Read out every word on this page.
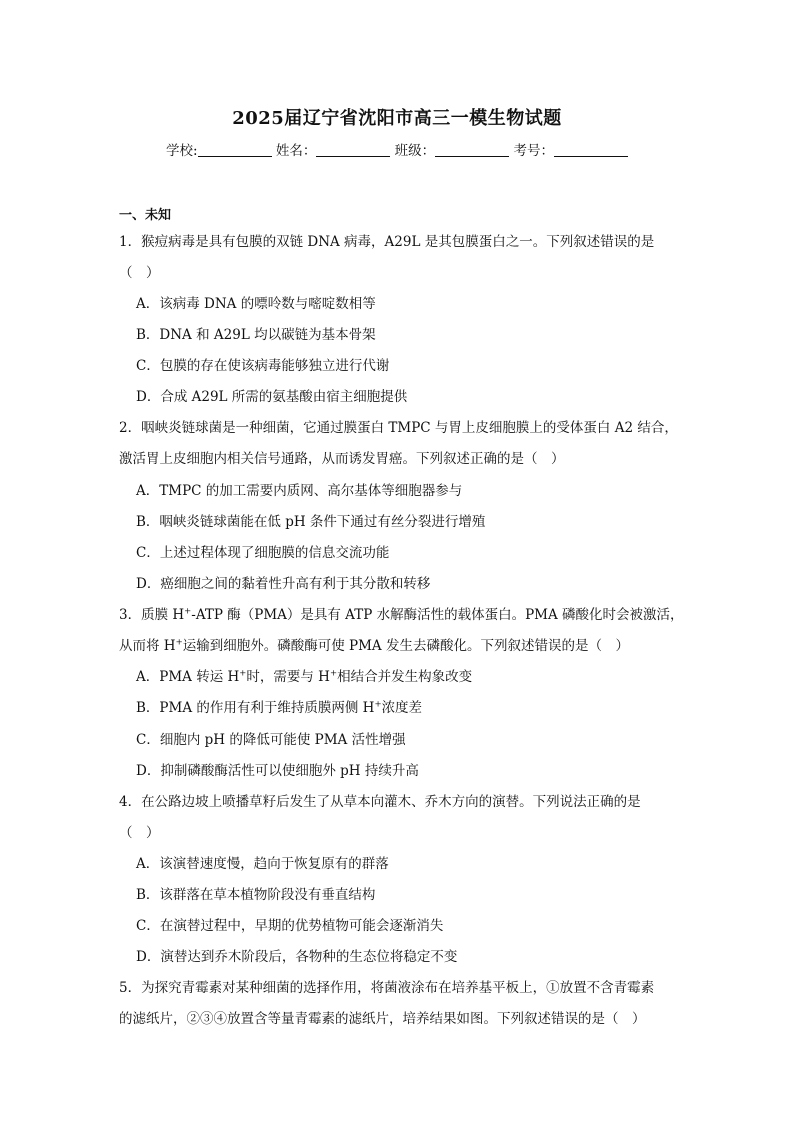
2025届辽宁省沈阳市高三一模生物试题
学校:	姓名：	班级：	考号：
一、未知
1．猴痘病毒是具有包膜的双链 DNA 病毒，A29L 是其包膜蛋白之一。下列叙述错误的是
（　）
A．该病毒 DNA 的嘌呤数与嘧啶数相等
B．DNA 和 A29L 均以碳链为基本骨架
C．包膜的存在使该病毒能够独立进行代谢
D．合成 A29L 所需的氨基酸由宿主细胞提供
2．咽峡炎链球菌是一种细菌，它通过膜蛋白 TMPC 与胃上皮细胞膜上的受体蛋白 A2 结合，
激活胃上皮细胞内相关信号通路，从而诱发胃癌。下列叙述正确的是（　）
A．TMPC 的加工需要内质网、高尔基体等细胞器参与
B．咽峡炎链球菌能在低 pH 条件下通过有丝分裂进行增殖
C．上述过程体现了细胞膜的信息交流功能
D．癌细胞之间的黏着性升高有利于其分散和转移
3．质膜 H+-ATP 酶（PMA）是具有 ATP 水解酶活性的载体蛋白。PMA 磷酸化时会被激活，
从而将 H+运输到细胞外。磷酸酶可使 PMA 发生去磷酸化。下列叙述错误的是（　）
A．PMA 转运 H+时，需要与 H+相结合并发生构象改变
B．PMA 的作用有利于维持质膜两侧 H+浓度差
C．细胞内 pH 的降低可能使 PMA 活性增强
D．抑制磷酸酶活性可以使细胞外 pH 持续升高
4．在公路边坡上喷播草籽后发生了从草本向灌木、乔木方向的演替。下列说法正确的是
（　）
A．该演替速度慢，趋向于恢复原有的群落
B．该群落在草本植物阶段没有垂直结构
C．在演替过程中，早期的优势植物可能会逐渐消失
D．演替达到乔木阶段后，各物种的生态位将稳定不变
5．为探究青霉素对某种细菌的选择作用，将菌液涂布在培养基平板上，①放置不含青霉素
的滤纸片，②③④放置含等量青霉素的滤纸片，培养结果如图。下列叙述错误的是（　）
